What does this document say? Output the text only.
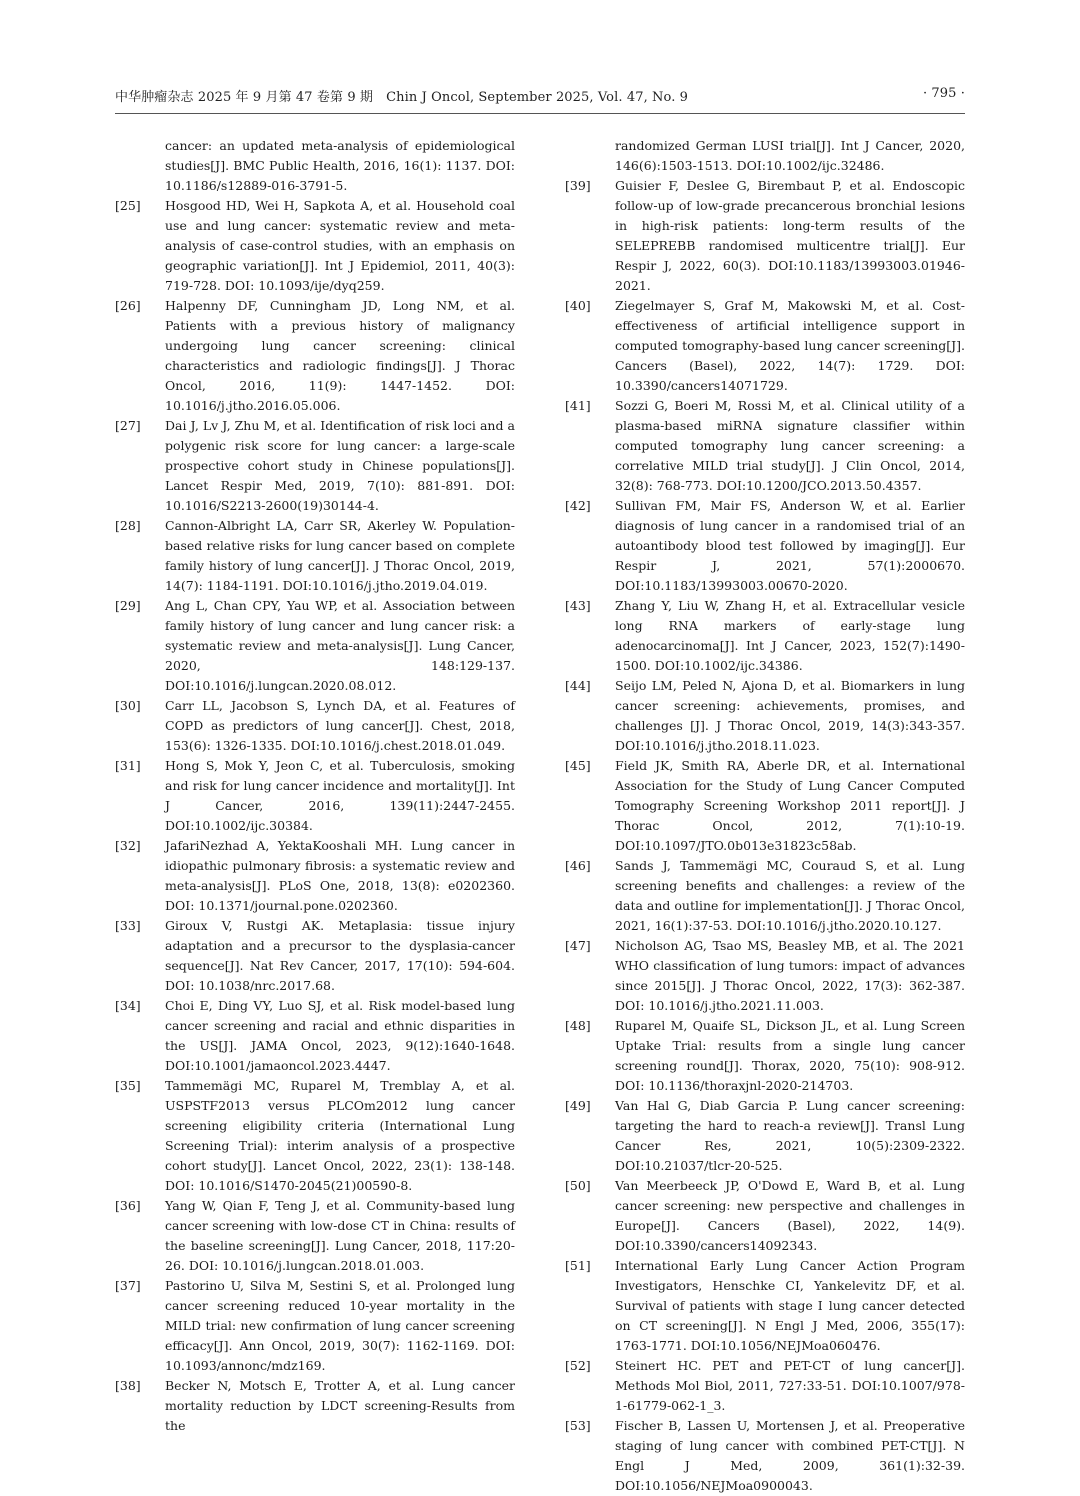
中华肿瘤杂志 2025 年 9 月第 47 卷第 9 期　Chin J Oncol, September 2025, Vol. 47, No. 9	· 795 ·
cancer: an updated meta-analysis of epidemiological studies[J]. BMC Public Health, 2016, 16(1): 1137. DOI: 10.1186/s12889-016-3791-5.
[25]	Hosgood HD, Wei H, Sapkota A, et al. Household coal use and lung cancer: systematic review and meta-analysis of case-control studies, with an emphasis on geographic variation[J]. Int J Epidemiol, 2011, 40(3): 719-728. DOI: 10.1093/ije/dyq259.
[26]	Halpenny DF, Cunningham JD, Long NM, et al. Patients with a previous history of malignancy undergoing lung cancer screening: clinical characteristics and radiologic findings[J]. J Thorac Oncol, 2016, 11(9): 1447-1452. DOI: 10.1016/j.jtho.2016.05.006.
[27]	Dai J, Lv J, Zhu M, et al. Identification of risk loci and a polygenic risk score for lung cancer: a large-scale prospective cohort study in Chinese populations[J]. Lancet Respir Med, 2019, 7(10): 881-891. DOI: 10.1016/S2213-2600(19)30144-4.
[28]	Cannon-Albright LA, Carr SR, Akerley W. Population-based relative risks for lung cancer based on complete family history of lung cancer[J]. J Thorac Oncol, 2019, 14(7): 1184-1191. DOI:10.1016/j.jtho.2019.04.019.
[29]	Ang L, Chan CPY, Yau WP, et al. Association between family history of lung cancer and lung cancer risk: a systematic review and meta-analysis[J]. Lung Cancer, 2020, 148:129-137. DOI:10.1016/j.lungcan.2020.08.012.
[30]	Carr LL, Jacobson S, Lynch DA, et al. Features of COPD as predictors of lung cancer[J]. Chest, 2018, 153(6): 1326-1335. DOI:10.1016/j.chest.2018.01.049.
[31]	Hong S, Mok Y, Jeon C, et al. Tuberculosis, smoking and risk for lung cancer incidence and mortality[J]. Int J Cancer, 2016, 139(11):2447-2455. DOI:10.1002/ijc.30384.
[32]	JafariNezhad A, YektaKooshali MH. Lung cancer in idiopathic pulmonary fibrosis: a systematic review and meta-analysis[J]. PLoS One, 2018, 13(8): e0202360. DOI: 10.1371/journal.pone.0202360.
[33]	Giroux V, Rustgi AK. Metaplasia: tissue injury adaptation and a precursor to the dysplasia-cancer sequence[J]. Nat Rev Cancer, 2017, 17(10): 594-604. DOI: 10.1038/nrc.2017.68.
[34]	Choi E, Ding VY, Luo SJ, et al. Risk model-based lung cancer screening and racial and ethnic disparities in the US[J]. JAMA Oncol, 2023, 9(12):1640-1648. DOI:10.1001/jamaoncol.2023.4447.
[35]	Tammemägi MC, Ruparel M, Tremblay A, et al. USPSTF2013 versus PLCOm2012 lung cancer screening eligibility criteria (International Lung Screening Trial): interim analysis of a prospective cohort study[J]. Lancet Oncol, 2022, 23(1): 138-148. DOI: 10.1016/S1470-2045(21)00590-8.
[36]	Yang W, Qian F, Teng J, et al. Community-based lung cancer screening with low-dose CT in China: results of the baseline screening[J]. Lung Cancer, 2018, 117:20-26. DOI: 10.1016/j.lungcan.2018.01.003.
[37]	Pastorino U, Silva M, Sestini S, et al. Prolonged lung cancer screening reduced 10-year mortality in the MILD trial: new confirmation of lung cancer screening efficacy[J]. Ann Oncol, 2019, 30(7): 1162-1169. DOI: 10.1093/annonc/mdz169.
[38]	Becker N, Motsch E, Trotter A, et al. Lung cancer mortality reduction by LDCT screening-Results from the
randomized German LUSI trial[J]. Int J Cancer, 2020, 146(6):1503-1513. DOI:10.1002/ijc.32486.
[39]	Guisier F, Deslee G, Birembaut P, et al. Endoscopic follow-up of low-grade precancerous bronchial lesions in high-risk patients: long-term results of the SELEPREBB randomised multicentre trial[J]. Eur Respir J, 2022, 60(3). DOI:10.1183/13993003.01946-2021.
[40]	Ziegelmayer S, Graf M, Makowski M, et al. Cost-effectiveness of artificial intelligence support in computed tomography-based lung cancer screening[J]. Cancers (Basel), 2022, 14(7): 1729. DOI: 10.3390/cancers14071729.
[41]	Sozzi G, Boeri M, Rossi M, et al. Clinical utility of a plasma-based miRNA signature classifier within computed tomography lung cancer screening: a correlative MILD trial study[J]. J Clin Oncol, 2014, 32(8): 768-773. DOI:10.1200/JCO.2013.50.4357.
[42]	Sullivan FM, Mair FS, Anderson W, et al. Earlier diagnosis of lung cancer in a randomised trial of an autoantibody blood test followed by imaging[J]. Eur Respir J, 2021, 57(1):2000670. DOI:10.1183/13993003.00670-2020.
[43]	Zhang Y, Liu W, Zhang H, et al. Extracellular vesicle long RNA markers of early-stage lung adenocarcinoma[J]. Int J Cancer, 2023, 152(7):1490-1500. DOI:10.1002/ijc.34386.
[44]	Seijo LM, Peled N, Ajona D, et al. Biomarkers in lung cancer screening: achievements, promises, and challenges [J]. J Thorac Oncol, 2019, 14(3):343-357. DOI:10.1016/j.jtho.2018.11.023.
[45]	Field JK, Smith RA, Aberle DR, et al. International Association for the Study of Lung Cancer Computed Tomography Screening Workshop 2011 report[J]. J Thorac Oncol, 2012, 7(1):10-19. DOI:10.1097/JTO.0b013e31823c58ab.
[46]	Sands J, Tammemägi MC, Couraud S, et al. Lung screening benefits and challenges: a review of the data and outline for implementation[J]. J Thorac Oncol, 2021, 16(1):37-53. DOI:10.1016/j.jtho.2020.10.127.
[47]	Nicholson AG, Tsao MS, Beasley MB, et al. The 2021 WHO classification of lung tumors: impact of advances since 2015[J]. J Thorac Oncol, 2022, 17(3): 362-387. DOI: 10.1016/j.jtho.2021.11.003.
[48]	Ruparel M, Quaife SL, Dickson JL, et al. Lung Screen Uptake Trial: results from a single lung cancer screening round[J]. Thorax, 2020, 75(10): 908-912. DOI: 10.1136/thoraxjnl-2020-214703.
[49]	Van Hal G, Diab Garcia P. Lung cancer screening: targeting the hard to reach-a review[J]. Transl Lung Cancer Res, 2021, 10(5):2309-2322. DOI:10.21037/tlcr-20-525.
[50]	Van Meerbeeck JP, O'Dowd E, Ward B, et al. Lung cancer screening: new perspective and challenges in Europe[J]. Cancers (Basel), 2022, 14(9). DOI:10.3390/cancers14092343.
[51]	International Early Lung Cancer Action Program Investigators, Henschke CI, Yankelevitz DF, et al. Survival of patients with stage Ⅰ lung cancer detected on CT screening[J]. N Engl J Med, 2006, 355(17): 1763-1771. DOI:10.1056/NEJMoa060476.
[52]	Steinert HC. PET and PET-CT of lung cancer[J]. Methods Mol Biol, 2011, 727:33-51. DOI:10.1007/978-1-61779-062-1_3.
[53]	Fischer B, Lassen U, Mortensen J, et al. Preoperative staging of lung cancer with combined PET-CT[J]. N Engl J Med, 2009, 361(1):32-39. DOI:10.1056/NEJMoa0900043.
